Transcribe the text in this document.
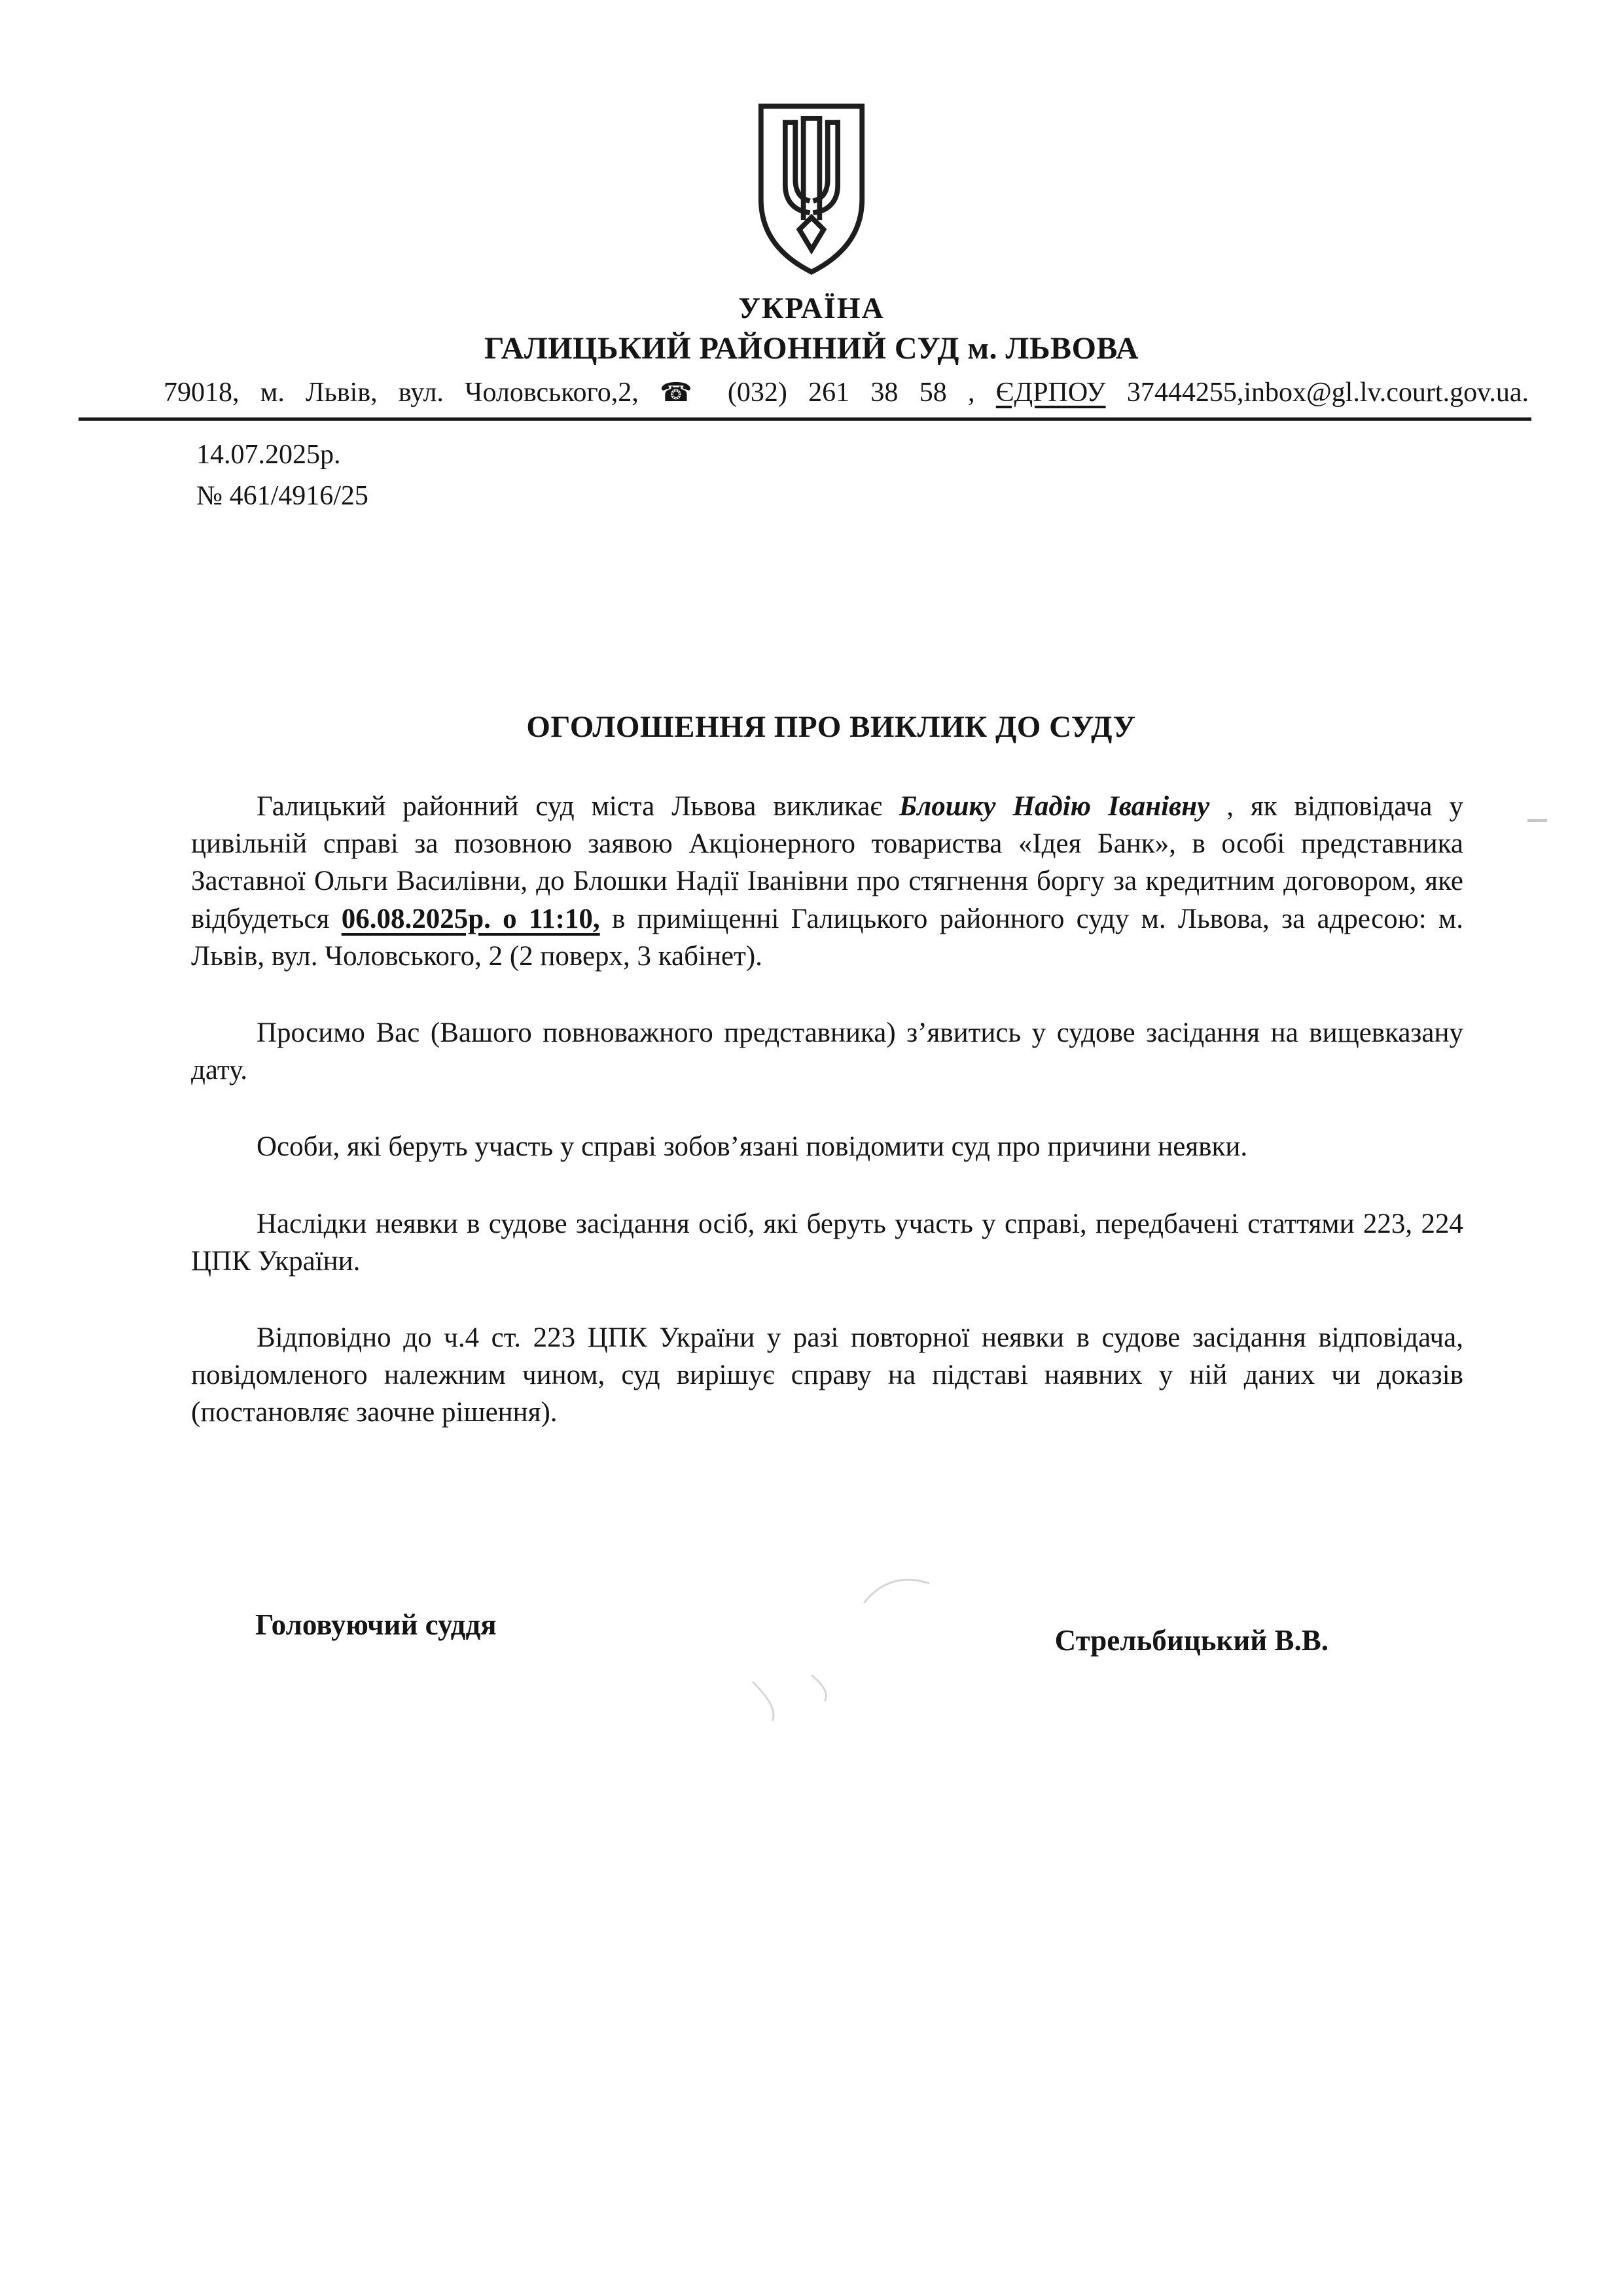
УКРАЇНА
ГАЛИЦЬКИЙ РАЙОННИЙ СУД м. ЛЬВОВА
79018, м. Львів, вул. Чоловського,2, ☎ (032) 261 38 58 , ЄДРПОУ 37444255,inbox@gl.lv.court.gov.ua.
14.07.2025р.
№ 461/4916/25
ОГОЛОШЕННЯ ПРО ВИКЛИК ДО СУДУ

Галицький районний суд міста Львова викликає Блошку Надію Іванівну , як відповідача у цивільній справі за позовною заявою Акціонерного товариства «Ідея Банк», в особі представника Заставної Ольги Василівни, до Блошки Надії Іванівни про стягнення боргу за кредитним договором, яке відбудеться 06.08.2025р. о 11:10, в приміщенні Галицького районного суду м. Львова, за адресою: м. Львів, вул. Чоловського, 2 (2 поверх, 3 кабінет).

Просимо Вас (Вашого повноважного представника) з’явитись у судове засідання на вищевказану дату.

Особи, які беруть участь у справі зобов’язані повідомити суд про причини неявки.

Наслідки неявки в судове засідання осіб, які беруть участь у справі, передбачені статтями 223, 224 ЦПК України.

Відповідно до ч.4 ст. 223 ЦПК України у разі повторної неявки в судове засідання відповідача, повідомленого належним чином, суд вирішує справу на підставі наявних у ній даних чи доказів (постановляє заочне рішення).

Головуючий суддя	Стрельбицький В.В.
